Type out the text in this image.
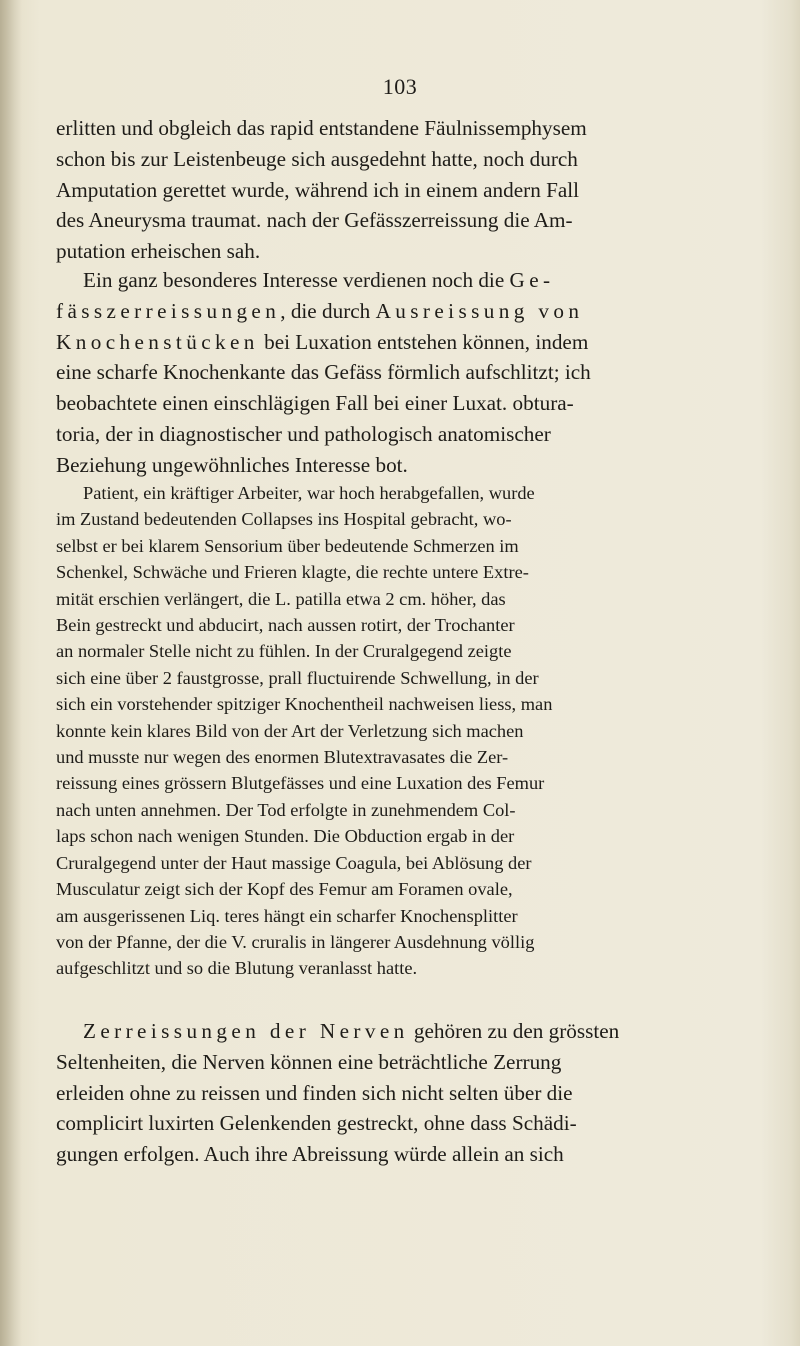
103
erlitten und obgleich das rapid entstandene Fäulnissemphysem
schon bis zur Leistenbeuge sich ausgedehnt hatte, noch durch
Amputation gerettet wurde, während ich in einem andern Fall
des Aneurysma traumat. nach der Gefässzerreissung die Am-
putation erheischen sah.
Ein ganz besonderes Interesse verdienen noch die Ge-
fässzerreissungen, die durch Ausreissung von
Knochenstücken bei Luxation entstehen können, indem
eine scharfe Knochenkante das Gefäss förmlich aufschlitzt; ich
beobachtete einen einschlägigen Fall bei einer Luxat. obtura-
toria, der in diagnostischer und pathologisch anatomischer
Beziehung ungewöhnliches Interesse bot.
Patient, ein kräftiger Arbeiter, war hoch herabgefallen, wurde
im Zustand bedeutenden Collapses ins Hospital gebracht, wo-
selbst er bei klarem Sensorium über bedeutende Schmerzen im
Schenkel, Schwäche und Frieren klagte, die rechte untere Extre-
mität erschien verlängert, die L. patilla etwa 2 cm. höher, das
Bein gestreckt und abducirt, nach aussen rotirt, der Trochanter
an normaler Stelle nicht zu fühlen. In der Cruralgegend zeigte
sich eine über 2 faustgrosse, prall fluctuirende Schwellung, in der
sich ein vorstehender spitziger Knochentheil nachweisen liess, man
konnte kein klares Bild von der Art der Verletzung sich machen
und musste nur wegen des enormen Blutextravasates die Zer-
reissung eines grössern Blutgefässes und eine Luxation des Femur
nach unten annehmen. Der Tod erfolgte in zunehmendem Col-
laps schon nach wenigen Stunden. Die Obduction ergab in der
Cruralgegend unter der Haut massige Coagula, bei Ablösung der
Musculatur zeigt sich der Kopf des Femur am Foramen ovale,
am ausgerissenen Liq. teres hängt ein scharfer Knochensplitter
von der Pfanne, der die V. cruralis in längerer Ausdehnung völlig
aufgeschlitzt und so die Blutung veranlasst hatte.
Zerreissungen der Nerven gehören zu den grössten
Seltenheiten, die Nerven können eine beträchtliche Zerrung
erleiden ohne zu reissen und finden sich nicht selten über die
complicirt luxirten Gelenkenden gestreckt, ohne dass Schädi-
gungen erfolgen. Auch ihre Abreissung würde allein an sich
